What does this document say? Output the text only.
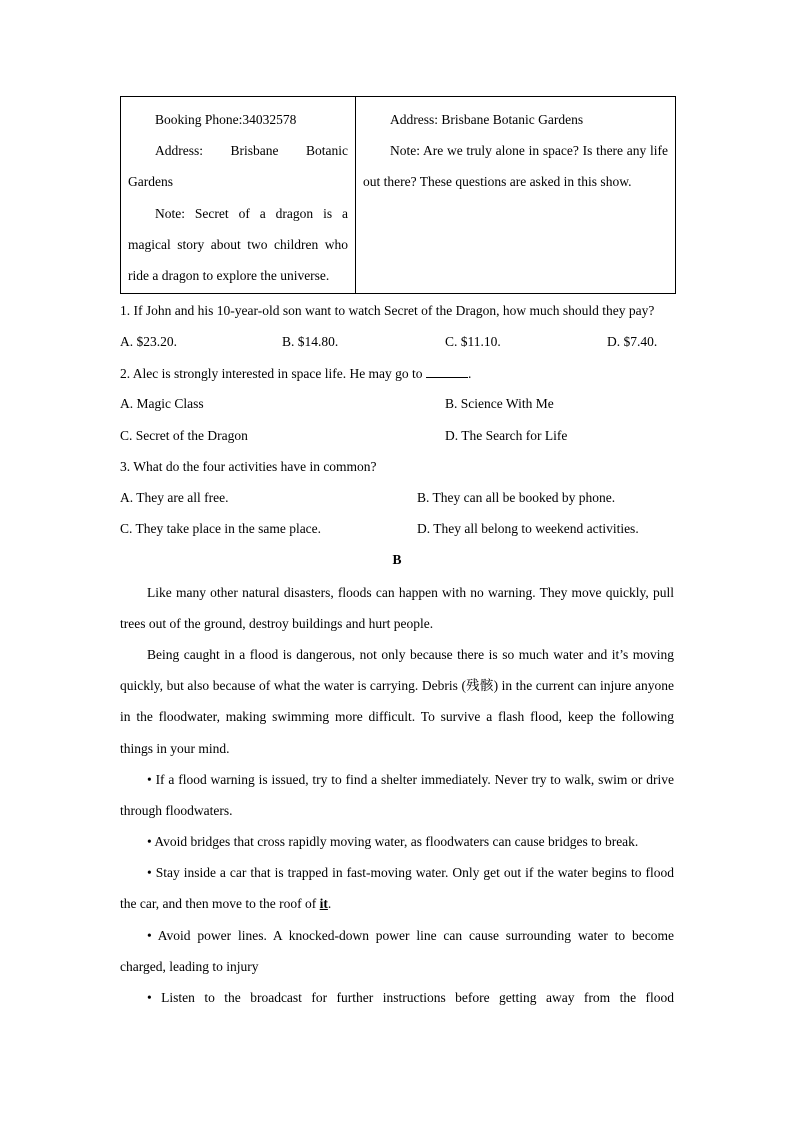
Booking Phone:34032578

Address: Brisbane Botanic Gardens

Note: Secret of a dragon is a magical story about two children who ride a dragon to explore the universe.

Address: Brisbane Botanic Gardens

Note: Are we truly alone in space? Is there any life out there? These questions are asked in this show.

1. If John and his 10-year-old son want to watch Secret of the Dragon, how much should they pay?
A. $23.20.	B. $14.80.	C. $11.10.	D. $7.40.
2. Alec is strongly interested in space life. He may go to	.
A. Magic Class	B. Science With Me
C. Secret of the Dragon	D. The Search for Life
3. What do the four activities have in common?
A. They are all free.	B. They can all be booked by phone.
C. They take place in the same place.	D. They all belong to weekend activities.
B

Like many other natural disasters, floods can happen with no warning. They move quickly, pull trees out of the ground, destroy buildings and hurt people.

Being caught in a flood is dangerous, not only because there is so much water and it’s moving quickly, but also because of what the water is carrying. Debris (残骸) in the current can injure anyone in the floodwater, making swimming more difficult. To survive a flash flood, keep the following things in your mind.

• If a flood warning is issued, try to find a shelter immediately. Never try to walk, swim or drive through floodwaters.

• Avoid bridges that cross rapidly moving water, as floodwaters can cause bridges to break.

• Stay inside a car that is trapped in fast-moving water. Only get out if the water begins to flood the car, and then move to the roof of it.

• Avoid power lines. A knocked-down power line can cause surrounding water to become charged, leading to injury

• Listen to the broadcast for further instructions before getting away from the flood
